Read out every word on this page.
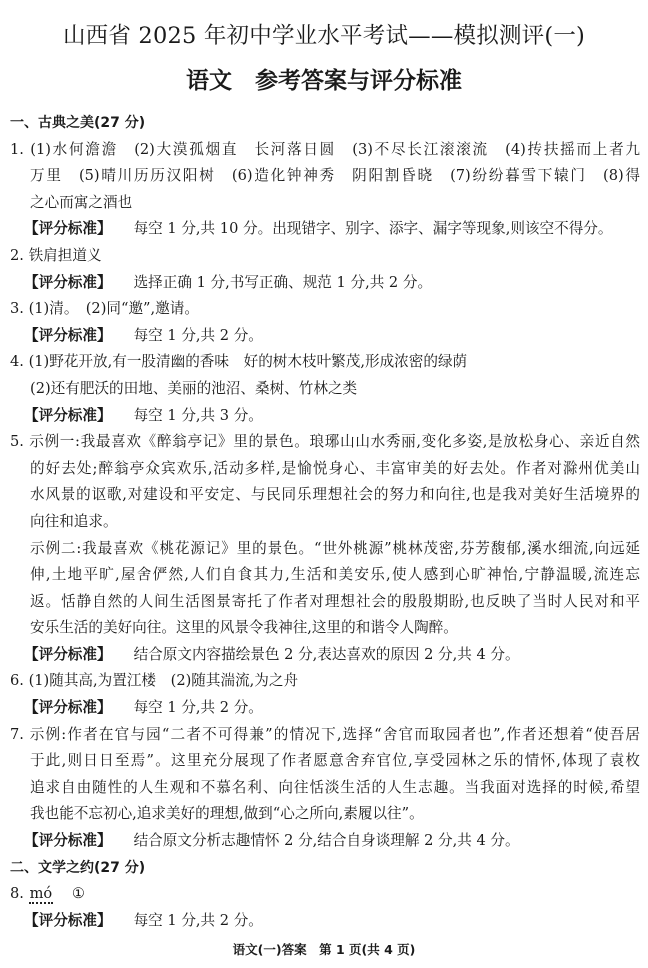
山西省 2025 年初中学业水平考试——模拟测评(一)
语文　参考答案与评分标准
一、古典之美(27 分)
1. (1)水何澹澹　(2)大漠孤烟直　长河落日圆　(3)不尽长江滚滚流　(4)抟扶摇而上者九
万里　(5)晴川历历汉阳树　(6)造化钟神秀　阴阳割昏晓　(7)纷纷暮雪下辕门　(8)得
之心而寓之酒也
【评分标准】 每空 1 分,共 10 分。出现错字、别字、添字、漏字等现象,则该空不得分。
2. 铁肩担道义
【评分标准】 选择正确 1 分,书写正确、规范 1 分,共 2 分。
3. (1)清。　(2)同“邀”,邀请。
【评分标准】 每空 1 分,共 2 分。
4. (1)野花开放,有一股清幽的香味　好的树木枝叶繁茂,形成浓密的绿荫
(2)还有肥沃的田地、美丽的池沼、桑树、竹林之类
【评分标准】 每空 1 分,共 3 分。
5. 示例一:我最喜欢《醉翁亭记》里的景色。琅琊山山水秀丽,变化多姿,是放松身心、亲近自然
的好去处;醉翁亭众宾欢乐,活动多样,是愉悦身心、丰富审美的好去处。作者对滁州优美山
水风景的讴歌,对建设和平安定、与民同乐理想社会的努力和向往,也是我对美好生活境界的
向往和追求。
示例二:我最喜欢《桃花源记》里的景色。“世外桃源”桃林茂密,芬芳馥郁,溪水细流,向远延
伸,土地平旷,屋舍俨然,人们自食其力,生活和美安乐,使人感到心旷神怡,宁静温暖,流连忘
返。恬静自然的人间生活图景寄托了作者对理想社会的殷殷期盼,也反映了当时人民对和平
安乐生活的美好向往。这里的风景令我神往,这里的和谐令人陶醉。
【评分标准】 结合原文内容描绘景色 2 分,表达喜欢的原因 2 分,共 4 分。
6. (1)随其高,为置江楼　(2)随其湍流,为之舟
【评分标准】 每空 1 分,共 2 分。
7. 示例:作者在官与园“二者不可得兼”的情况下,选择“舍官而取园者也”,作者还想着“使吾居
于此,则日日至焉”。这里充分展现了作者愿意舍弃官位,享受园林之乐的情怀,体现了袁枚
追求自由随性的人生观和不慕名利、向往恬淡生活的人生志趣。当我面对选择的时候,希望
我也能不忘初心,追求美好的理想,做到“心之所向,素履以往”。
【评分标准】 结合原文分析志趣情怀 2 分,结合自身谈理解 2 分,共 4 分。
二、文学之约(27 分)
8. mó ①
【评分标准】 每空 1 分,共 2 分。
语文(一)答案　第 1 页(共 4 页)
